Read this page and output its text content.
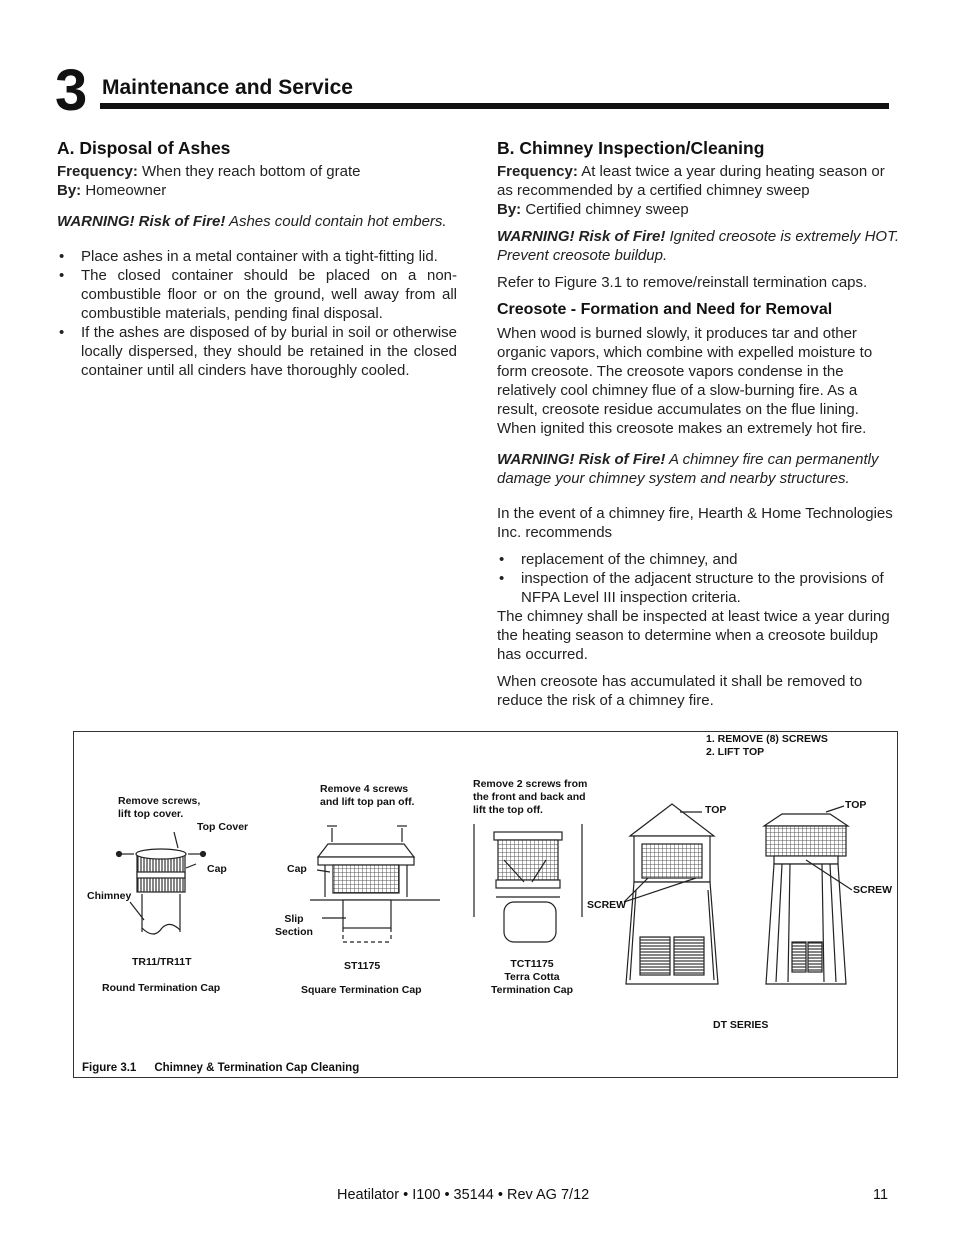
3 Maintenance and Service
A. Disposal of Ashes

Frequency: When they reach bottom of grate

By: Homeowner

WARNING! Risk of Fire! Ashes could contain hot embers.

• Place ashes in a metal container with a tight-fitting lid.
• The closed container should be placed on a non-combustible floor or on the ground, well away from all combustible materials, pending final disposal.
• If the ashes are disposed of by burial in soil or otherwise locally dispersed, they should be retained in the closed container until all cinders have thoroughly cooled.
B. Chimney Inspection/Cleaning

Frequency: At least twice a year during heating season or as recommended by a certified chimney sweep

By: Certified chimney sweep

WARNING! Risk of Fire! Ignited creosote is extremely HOT. Prevent creosote buildup.

Refer to Figure 3.1 to remove/reinstall termination caps.

Creosote - Formation and Need for Removal

When wood is burned slowly, it produces tar and other organic vapors, which combine with expelled moisture to form creosote. The creosote vapors condense in the relatively cool chimney flue of a slow-burning fire. As a result, creosote residue accumulates on the flue lining. When ignited this creosote makes an extremely hot fire.

WARNING! Risk of Fire! A chimney fire can permanently damage your chimney system and nearby structures.

In the event of a chimney fire, Hearth & Home Technologies Inc. recommends

• replacement of the chimney, and
• inspection of the adjacent structure to the provisions of NFPA Level III inspection criteria.

The chimney shall be inspected at least twice a year during the heating season to determine when a creosote buildup has occurred.

When creosote has accumulated it shall be removed to reduce the risk of a chimney fire.

Remove screws,
lift top cover.
Top Cover
Cap
Chimney
TR11/TR11T
Round Termination Cap
Remove 4 screws
and lift top pan off.
Cap
Slip
Section
ST1175
Square Termination Cap
Remove 2 screws from
the front and back and
lift the top off.
TCT1175
Terra Cotta
Termination Cap
1. REMOVE (8) SCREWS
2. LIFT TOP
TOP	TOP
SCREW
SCREW
DT SERIES
Figure 3.1 Chimney & Termination Cap Cleaning
Heatilator • I100 • 35144 • Rev AG 7/12	11
